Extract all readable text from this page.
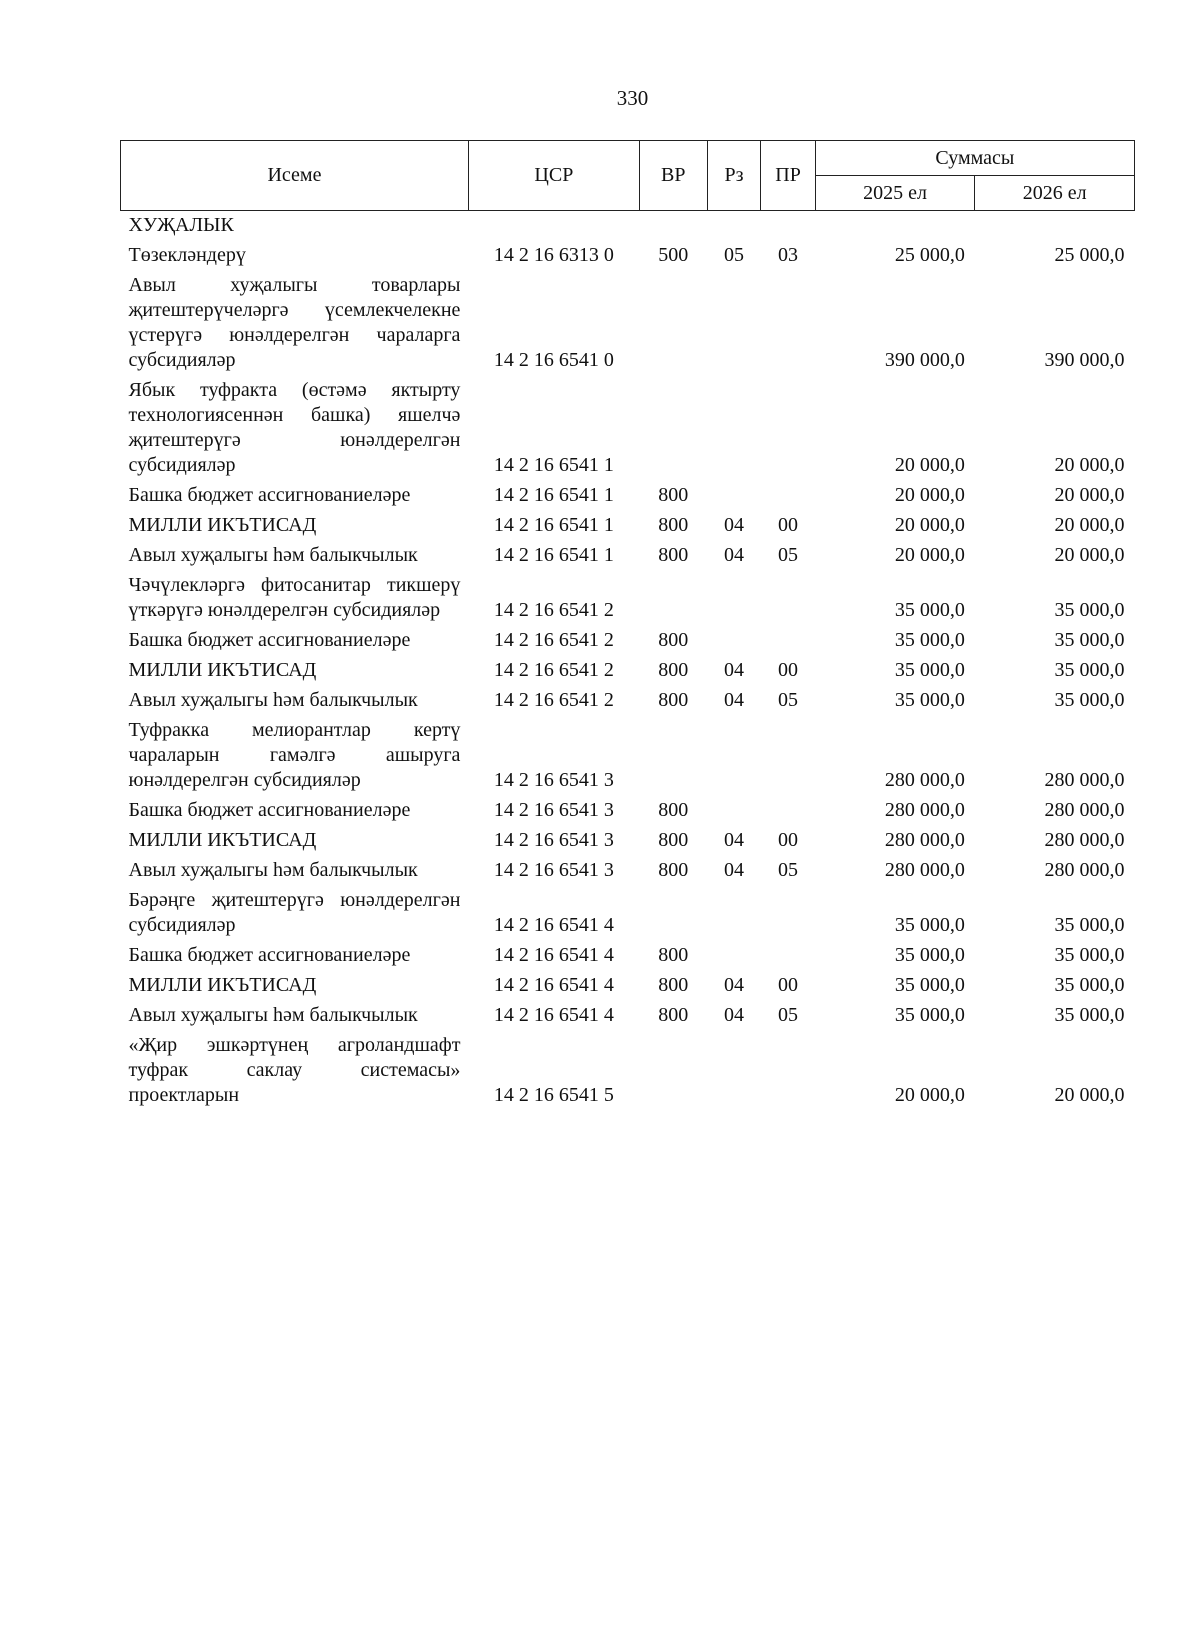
330
Исеме	ЦСР	ВР	Рз	ПР	Суммасы	
					2025 ел	2026 ел
ХУҖАЛЫК						
Төзекләндерү	14 2 16 6313 0	500	05	03	25 000,0	25 000,0
Авыл хуҗалыгы товарлары җитештерүчеләргә үсемлекчелекне үстерүгә юнәлдерелгән чараларга субсидияләр	14 2 16 6541 0				390 000,0	390 000,0
Ябык туфракта (өстәмә яктырту технологиясеннән башка) яшелчә җитештерүгә юнәлдерелгән субсидияләр	14 2 16 6541 1				20 000,0	20 000,0
Башка бюджет ассигнованиеләре	14 2 16 6541 1	800			20 000,0	20 000,0
МИЛЛИ ИКЪТИСАД	14 2 16 6541 1	800	04	00	20 000,0	20 000,0
Авыл хуҗалыгы һәм балыкчылык	14 2 16 6541 1	800	04	05	20 000,0	20 000,0
Чәчүлекләргә фитосанитар тикшерү үткәрүгә юнәлдерелгән субсидияләр	14 2 16 6541 2				35 000,0	35 000,0
Башка бюджет ассигнованиеләре	14 2 16 6541 2	800			35 000,0	35 000,0
МИЛЛИ ИКЪТИСАД	14 2 16 6541 2	800	04	00	35 000,0	35 000,0
Авыл хуҗалыгы һәм балыкчылык	14 2 16 6541 2	800	04	05	35 000,0	35 000,0
Туфракка мелиорантлар кертү чараларын гамәлгә ашыруга юнәлдерелгән субсидияләр	14 2 16 6541 3				280 000,0	280 000,0
Башка бюджет ассигнованиеләре	14 2 16 6541 3	800			280 000,0	280 000,0
МИЛЛИ ИКЪТИСАД	14 2 16 6541 3	800	04	00	280 000,0	280 000,0
Авыл хуҗалыгы һәм балыкчылык	14 2 16 6541 3	800	04	05	280 000,0	280 000,0
Бәрәңге җитештерүгә юнәлдерелгән субсидияләр	14 2 16 6541 4				35 000,0	35 000,0
Башка бюджет ассигнованиеләре	14 2 16 6541 4	800			35 000,0	35 000,0
МИЛЛИ ИКЪТИСАД	14 2 16 6541 4	800	04	00	35 000,0	35 000,0
Авыл хуҗалыгы һәм балыкчылык	14 2 16 6541 4	800	04	05	35 000,0	35 000,0
«Җир эшкәртүнең агроландшафт туфрак саклау системасы» проектларын	14 2 16 6541 5				20 000,0	20 000,0
